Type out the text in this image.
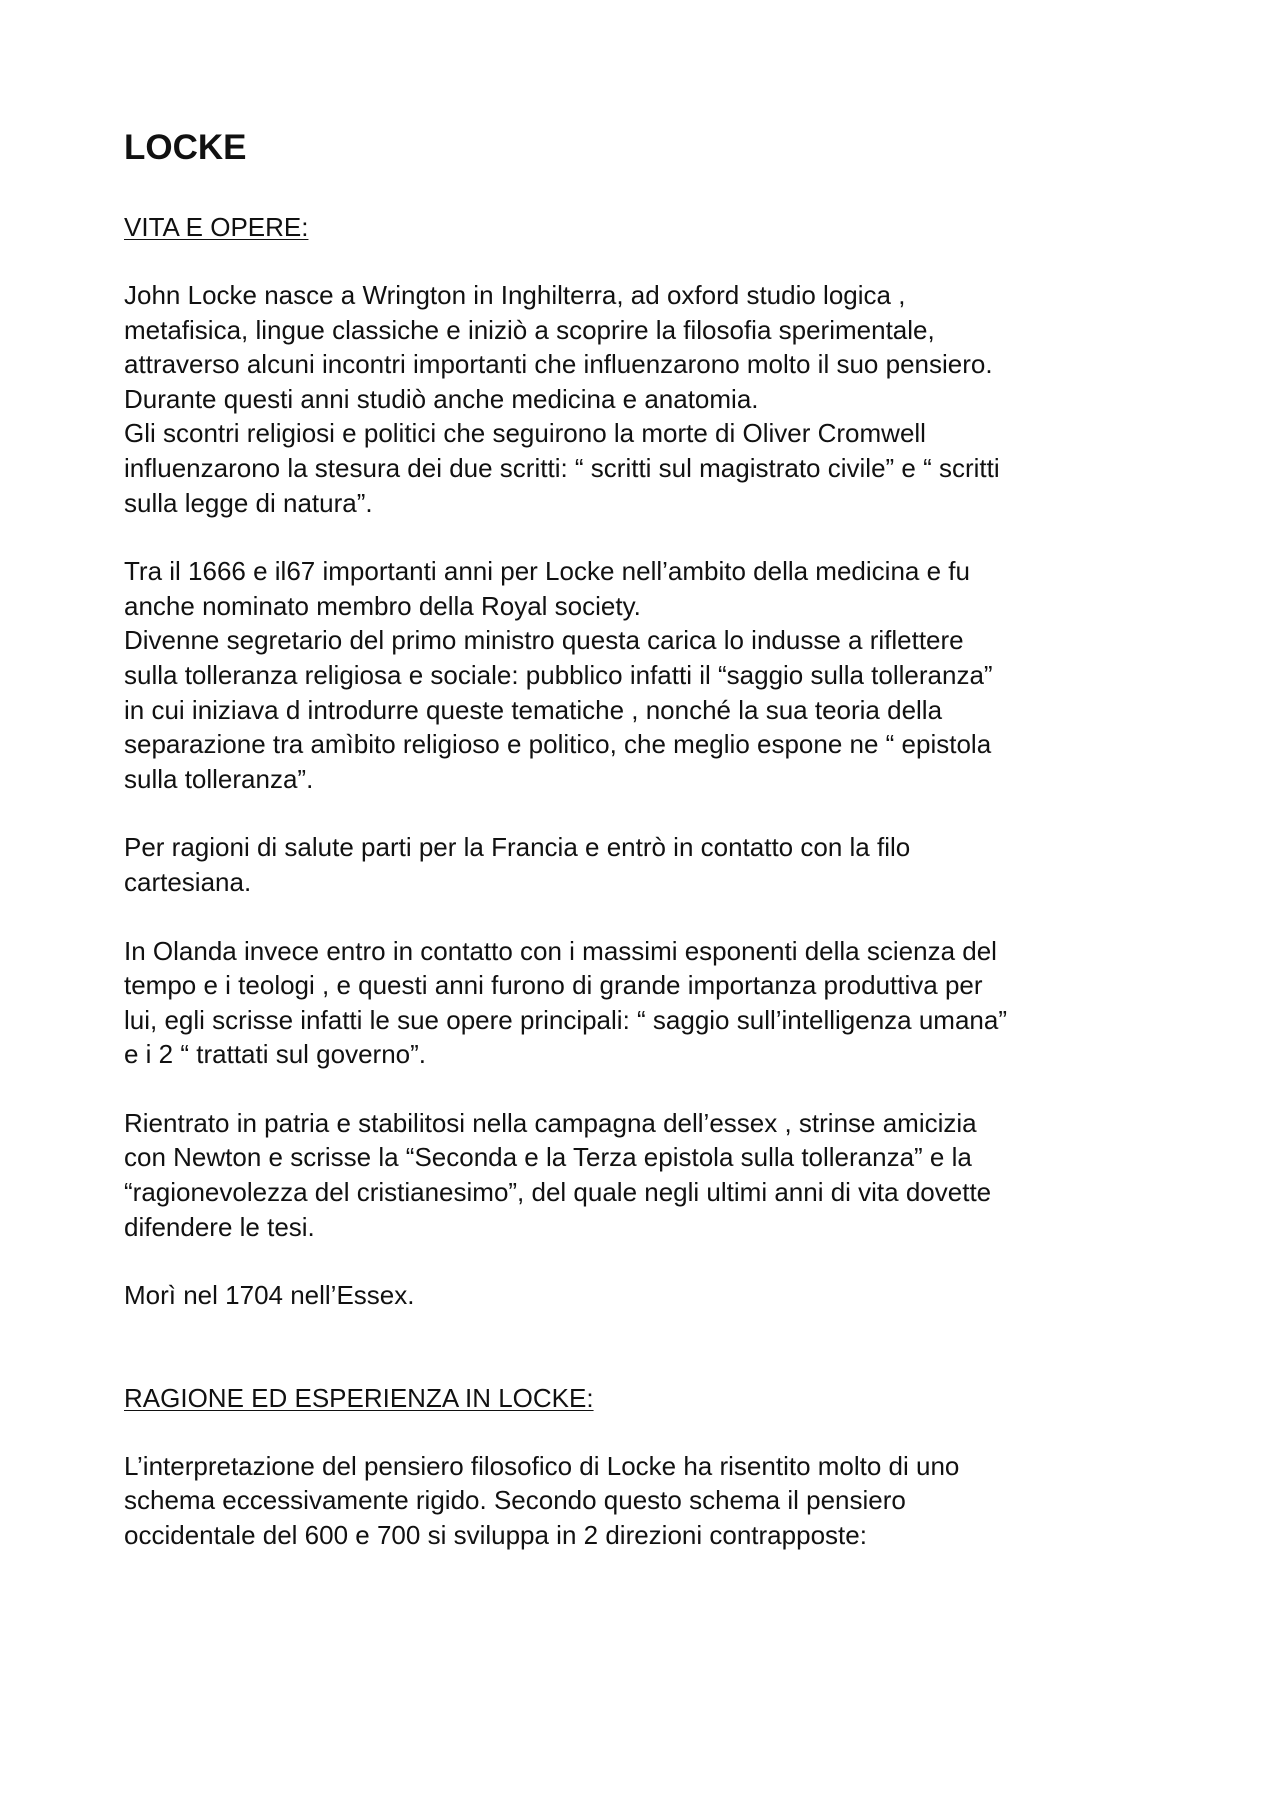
LOCKE
VITA E OPERE:
John Locke nasce a Wrington in Inghilterra, ad oxford studio logica ,
metafisica, lingue classiche e iniziò a scoprire la filosofia sperimentale,
attraverso alcuni incontri importanti che influenzarono molto il suo pensiero.
Durante questi anni studiò anche medicina e anatomia.
Gli scontri religiosi e politici che seguirono la morte di Oliver Cromwell
influenzarono la stesura dei due scritti: “ scritti sul magistrato civile” e “ scritti
sulla legge di natura”.
Tra il 1666 e il67 importanti anni per Locke nell’ambito della medicina e fu
anche nominato membro della Royal society.
Divenne segretario del primo ministro questa carica lo indusse a riflettere
sulla tolleranza religiosa e sociale: pubblico infatti il “saggio sulla tolleranza”
in cui iniziava d introdurre queste tematiche , nonché la sua teoria della
separazione tra amìbito religioso e politico, che meglio espone ne “ epistola
sulla tolleranza”.
Per ragioni di salute parti per la Francia e entrò in contatto con la filo
cartesiana.
In Olanda invece entro in contatto con i massimi esponenti della scienza del
tempo e i teologi , e questi anni furono di grande importanza produttiva per
lui, egli scrisse infatti le sue opere principali: “ saggio sull’intelligenza umana”
e i 2 “ trattati sul governo”.
Rientrato in patria e stabilitosi nella campagna dell’essex , strinse amicizia
con Newton e scrisse la “Seconda e la Terza epistola sulla tolleranza” e la
“ragionevolezza del cristianesimo”, del quale negli ultimi anni di vita dovette
difendere le tesi.
Morì nel 1704 nell’Essex.
RAGIONE ED ESPERIENZA IN LOCKE:
L’interpretazione del pensiero filosofico di Locke ha risentito molto di uno
schema eccessivamente rigido. Secondo questo schema il pensiero
occidentale del 600 e 700 si sviluppa in 2 direzioni contrapposte:
